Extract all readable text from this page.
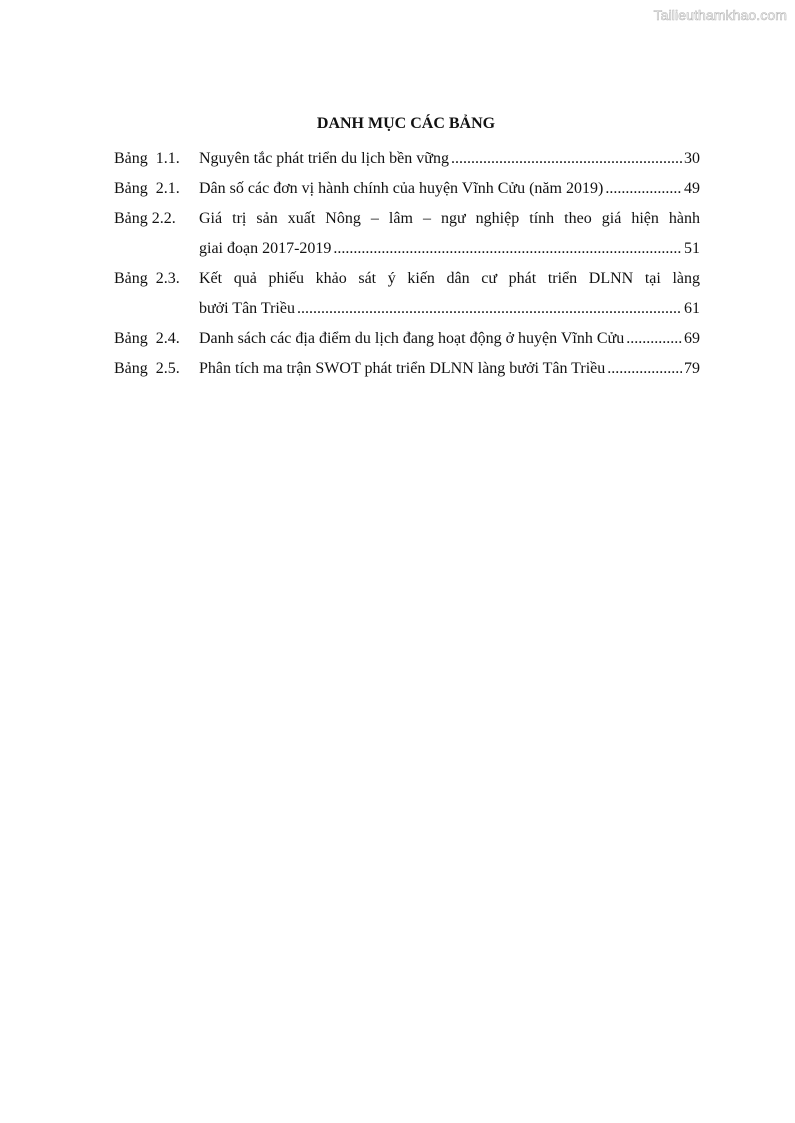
Tailieuthamkhao.com
DANH MỤC CÁC BẢNG
Bảng  1.1.	Nguyên tắc phát triển du lịch bền vững .....	30
Bảng  2.1.	Dân số các đơn vị hành chính của huyện Vĩnh Cửu (năm 2019) .....	49
Bảng 2.2.	Giá trị sản xuất Nông – lâm – ngư nghiệp tính theo giá hiện hành
giai đoạn 2017-2019 .....	51
Bảng  2.3.	Kết quả phiếu khảo sát ý kiến dân cư phát triển DLNN tại làng
bưởi Tân Triều .....	61
Bảng  2.4.	Danh sách các địa điểm du lịch đang hoạt động ở huyện Vĩnh Cửu .....	69
Bảng  2.5.	Phân tích ma trận SWOT phát triển DLNN làng bưởi Tân Triều .....	79
